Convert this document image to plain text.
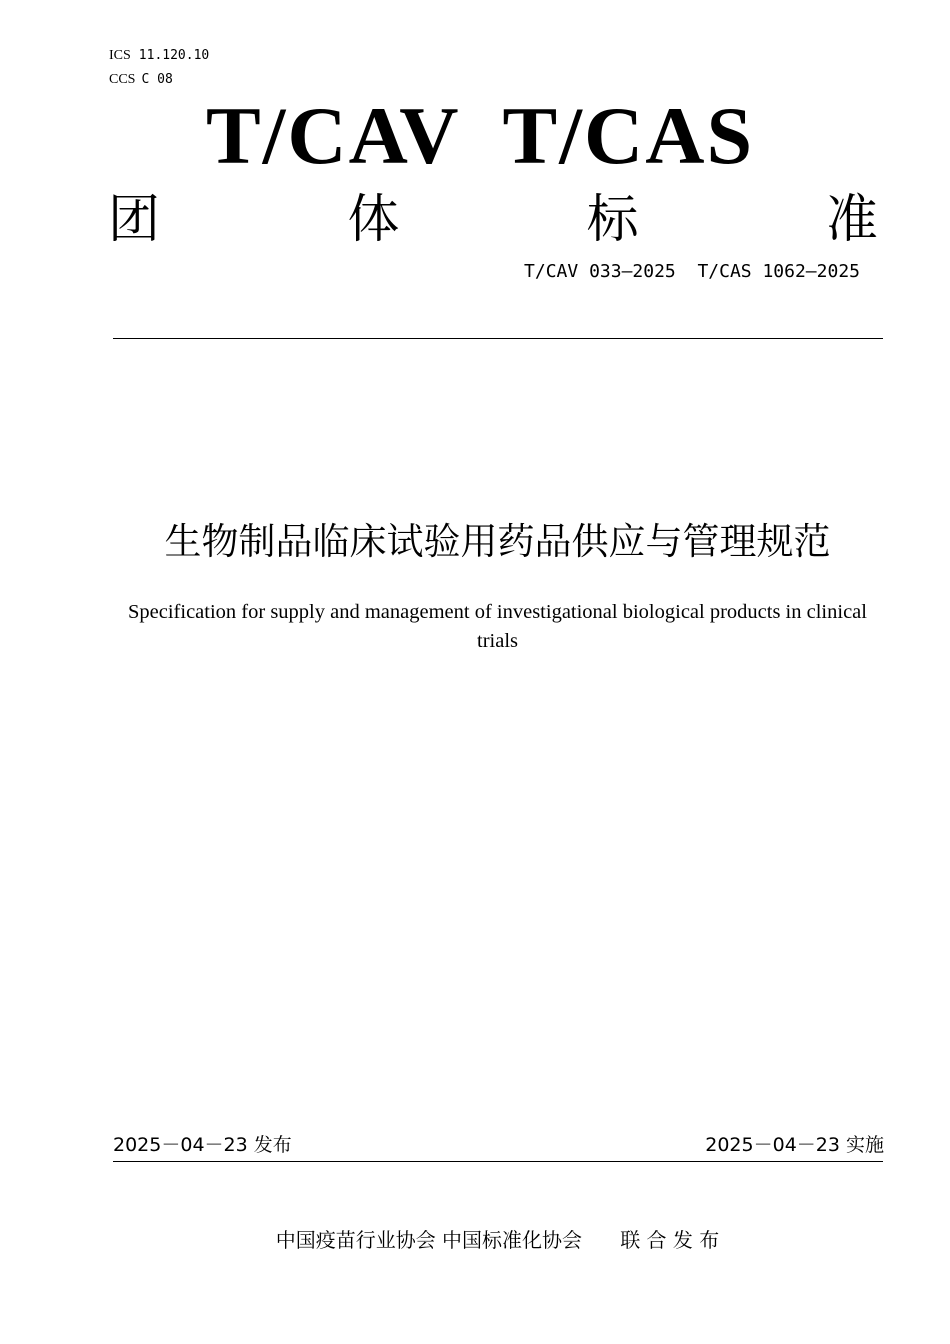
ICS 11.120.10
CCS C 08
T/CAV  T/CAS
团	体	标	准
T/CAV 033—2025  T/CAS 1062—2025
生物制品临床试验用药品供应与管理规范
Specification for supply and management of investigational biological products in clinical trials
2025－04－23 发布	2025－04－23 实施
中国疫苗行业协会 中国标准化协会      联 合 发 布
